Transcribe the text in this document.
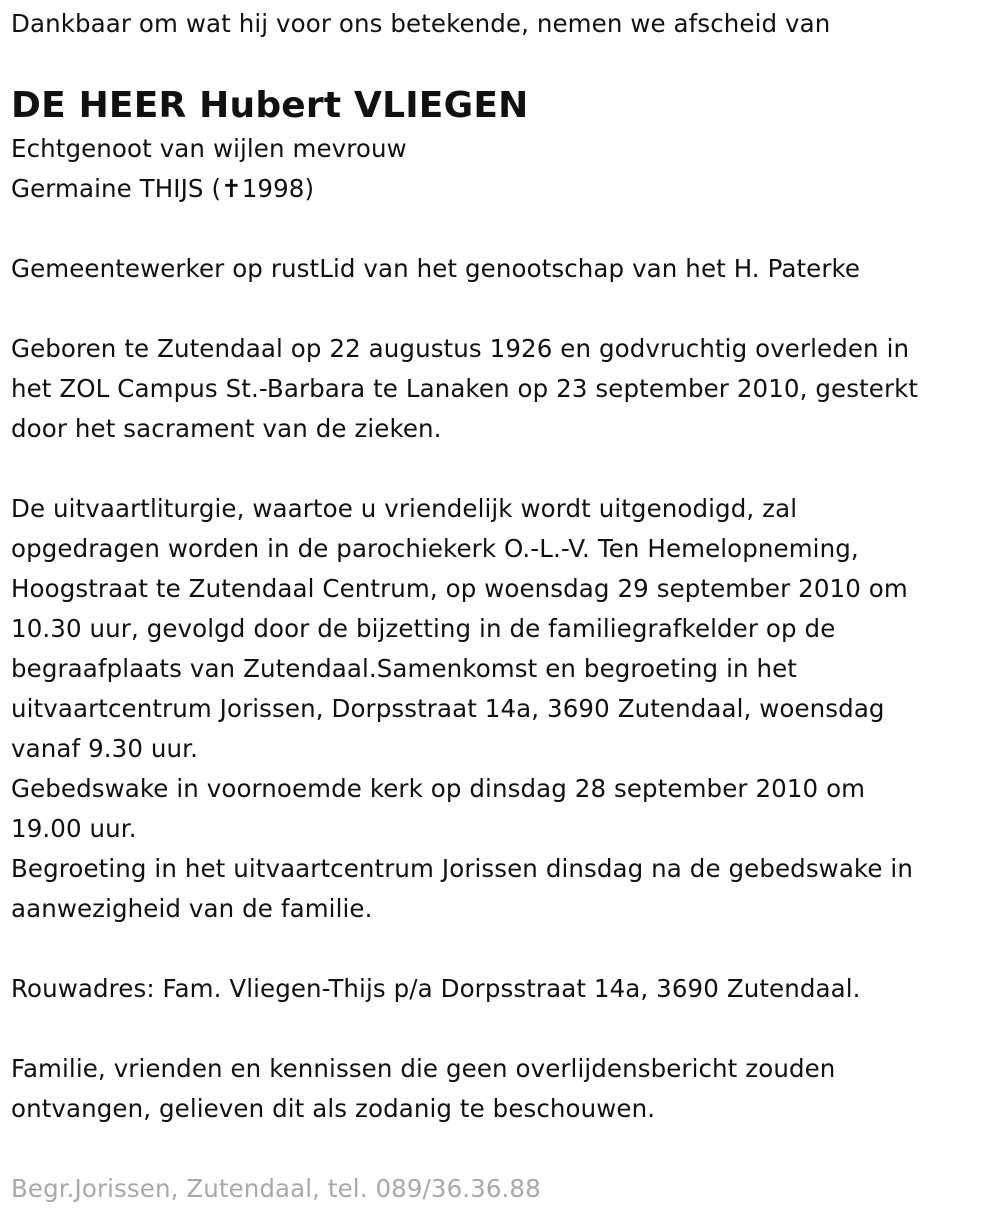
Dankbaar om wat hij voor ons betekende, nemen we afscheid van
DE HEER Hubert VLIEGEN
Echtgenoot van wijlen mevrouw
Germaine THIJS (✝1998)
Gemeentewerker op rustLid van het genootschap van het H. Paterke
Geboren te Zutendaal op 22 augustus 1926 en godvruchtig overleden in
het ZOL Campus St.-Barbara te Lanaken op 23 september 2010, gesterkt
door het sacrament van de zieken.
De uitvaartliturgie, waartoe u vriendelijk wordt uitgenodigd, zal
opgedragen worden in de parochiekerk O.-L.-V. Ten Hemelopneming,
Hoogstraat te Zutendaal Centrum, op woensdag 29 september 2010 om
10.30 uur, gevolgd door de bijzetting in de familiegrafkelder op de
begraafplaats van Zutendaal.Samenkomst en begroeting in het
uitvaartcentrum Jorissen, Dorpsstraat 14a, 3690 Zutendaal, woensdag
vanaf 9.30 uur.
Gebedswake in voornoemde kerk op dinsdag 28 september 2010 om
19.00 uur.
Begroeting in het uitvaartcentrum Jorissen dinsdag na de gebedswake in
aanwezigheid van de familie.
Rouwadres: Fam. Vliegen-Thijs p/a Dorpsstraat 14a, 3690 Zutendaal.
Familie, vrienden en kennissen die geen overlijdensbericht zouden
ontvangen, gelieven dit als zodanig te beschouwen.
Begr.Jorissen, Zutendaal, tel. 089/36.36.88
